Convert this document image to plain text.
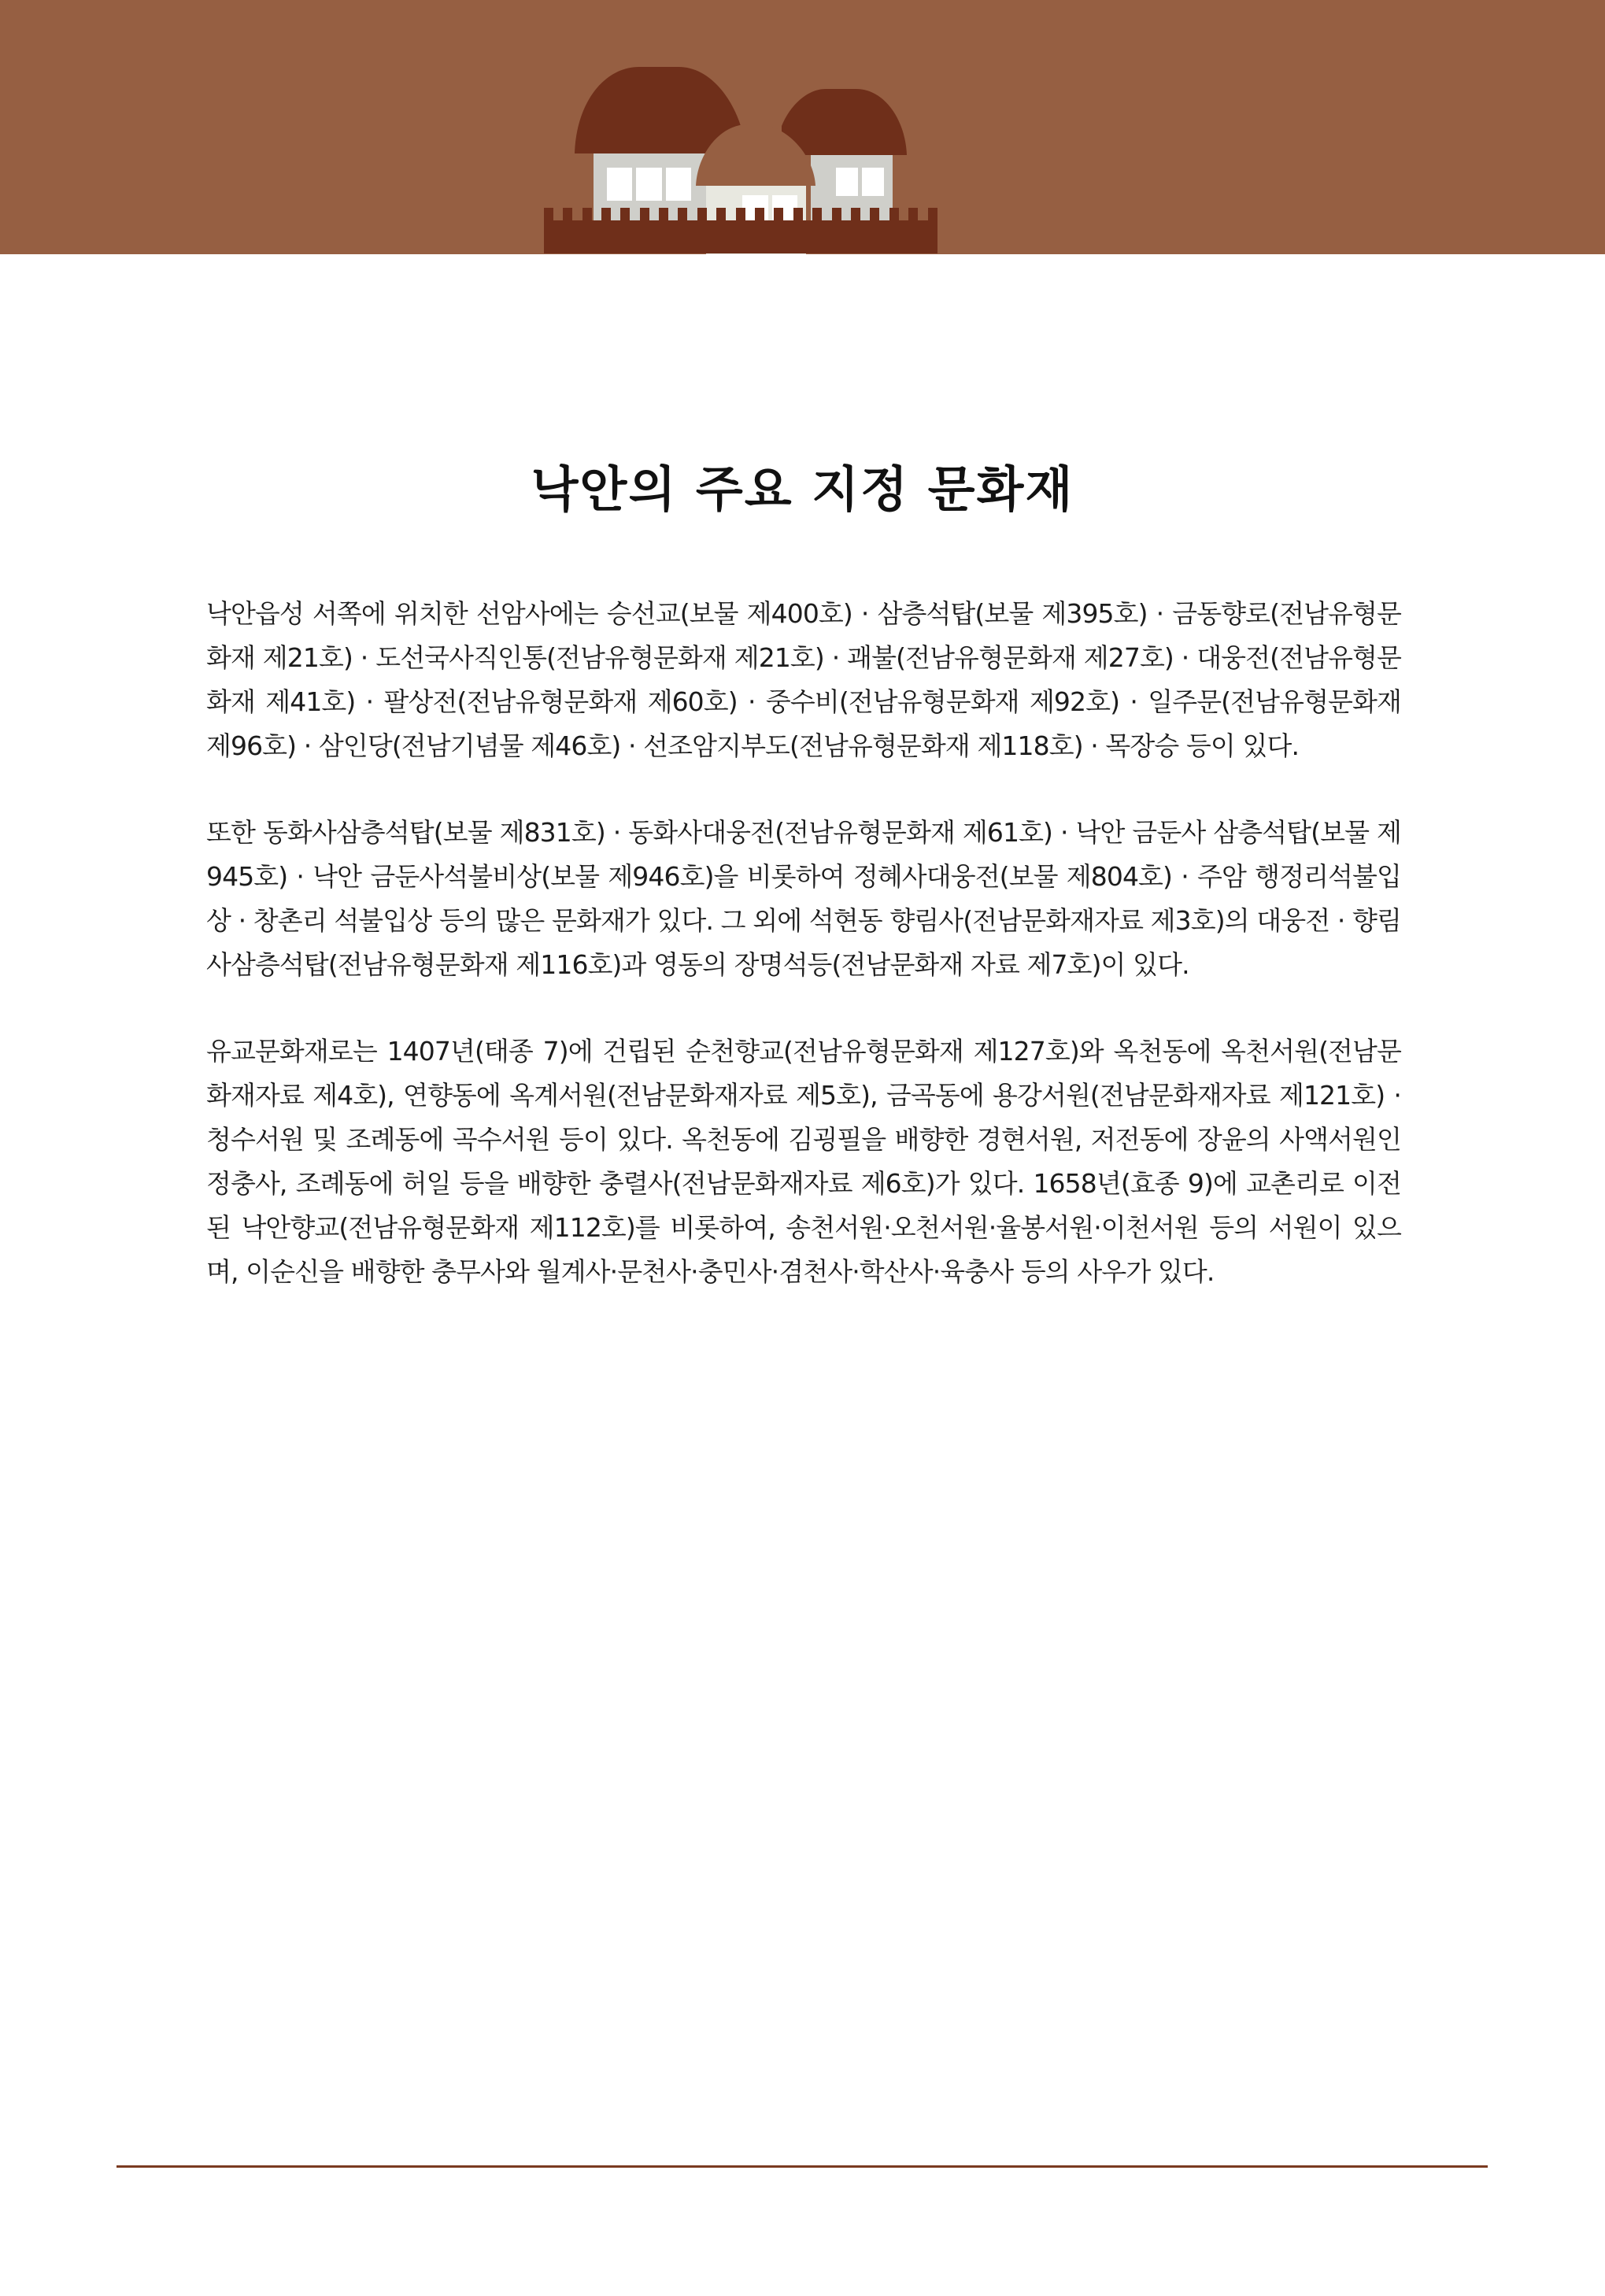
낙안의 주요 지정 문화재

낙안읍성 서쪽에 위치한 선암사에는 승선교(보물 제400호) · 삼층석탑(보물 제395호) · 금동향로(전남유형문화재 제21호) · 도선국사직인통(전남유형문화재 제21호) · 괘불(전남유형문화재 제27호) · 대웅전(전남유형문화재 제41호) · 팔상전(전남유형문화재 제60호) · 중수비(전남유형문화재 제92호) · 일주문(전남유형문화재 제96호) · 삼인당(전남기념물 제46호) · 선조암지부도(전남유형문화재 제118호) · 목장승 등이 있다.

또한 동화사삼층석탑(보물 제831호) · 동화사대웅전(전남유형문화재 제61호) · 낙안 금둔사 삼층석탑(보물 제945호) · 낙안 금둔사석불비상(보물 제946호)을 비롯하여 정혜사대웅전(보물 제804호) · 주암 행정리석불입상 · 창촌리 석불입상 등의 많은 문화재가 있다. 그 외에 석현동 향림사(전남문화재자료 제3호)의 대웅전 · 향림사삼층석탑(전남유형문화재 제116호)과 영동의 장명석등(전남문화재 자료 제7호)이 있다.

유교문화재로는 1407년(태종 7)에 건립된 순천향교(전남유형문화재 제127호)와 옥천동에 옥천서원(전남문화재자료 제4호), 연향동에 옥계서원(전남문화재자료 제5호), 금곡동에 용강서원(전남문화재자료 제121호) · 청수서원 및 조례동에 곡수서원 등이 있다. 옥천동에 김굉필을 배향한 경현서원, 저전동에 장윤의 사액서원인 정충사, 조례동에 허일 등을 배향한 충렬사(전남문화재자료 제6호)가 있다. 1658년(효종 9)에 교촌리로 이전된 낙안향교(전남유형문화재 제112호)를 비롯하여, 송천서원·오천서원·율봉서원·이천서원 등의 서원이 있으며, 이순신을 배향한 충무사와 월계사·문천사·충민사·겸천사·학산사·육충사 등의 사우가 있다.
